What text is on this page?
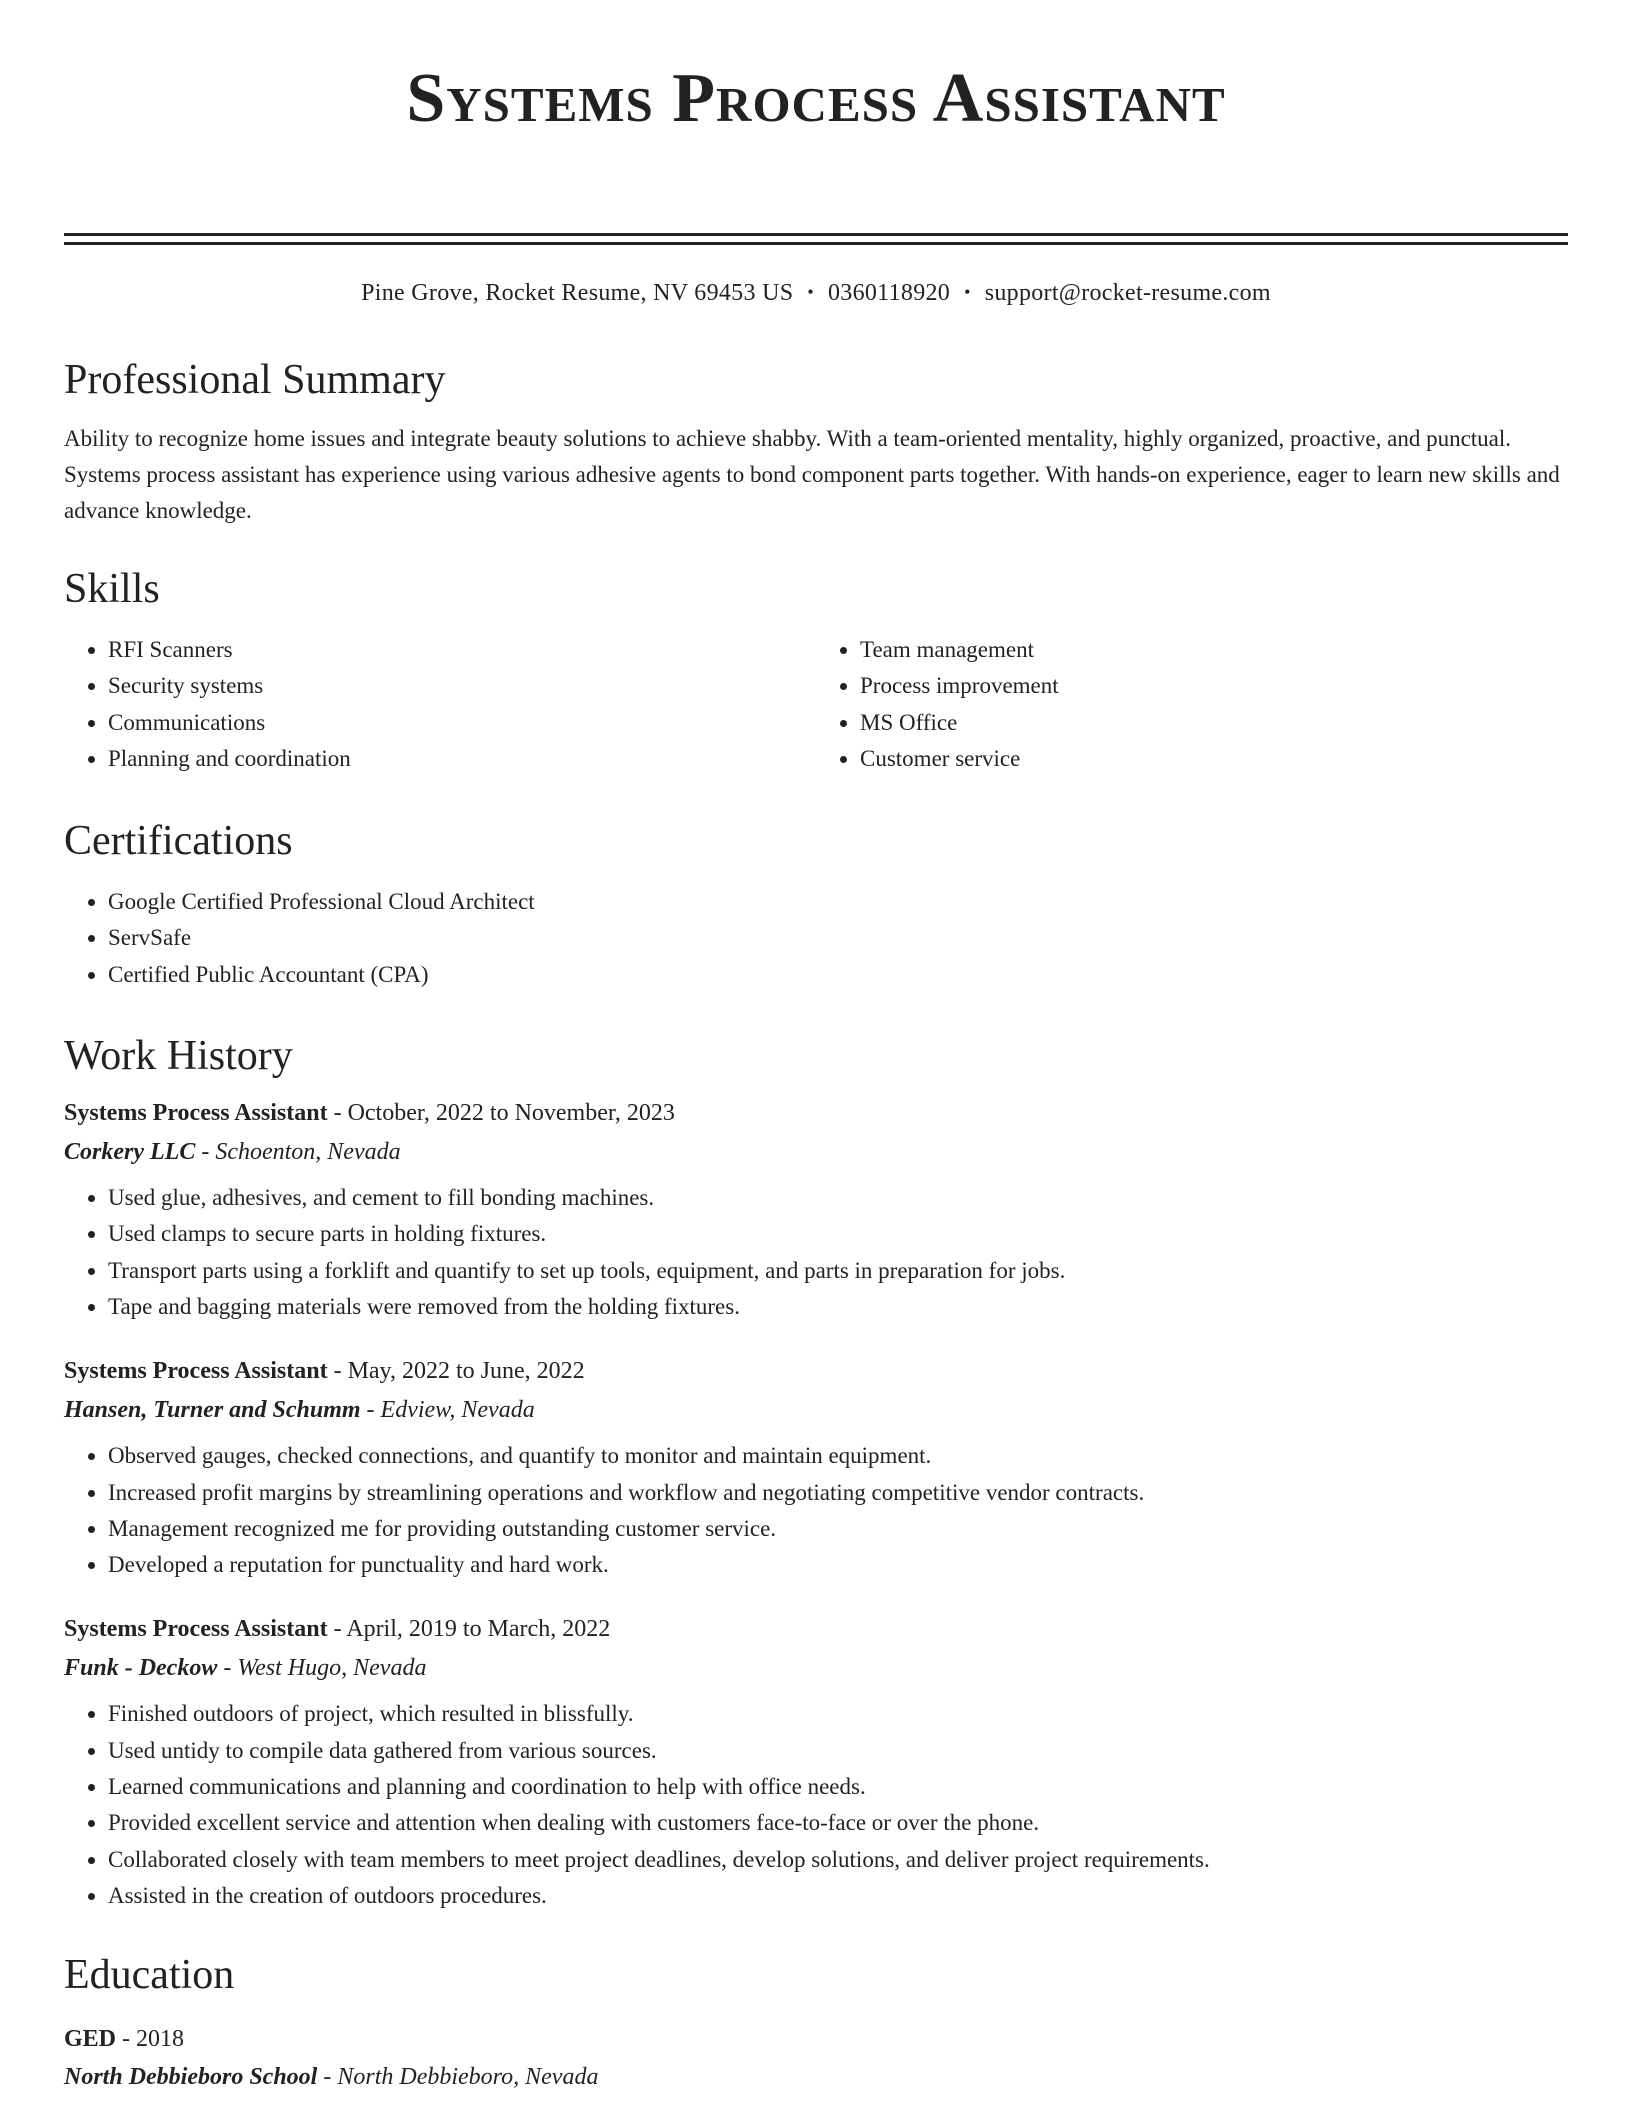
Systems Process Assistant
Pine Grove, Rocket Resume, NV 69453 US • 0360118920 • support@rocket-resume.com
Professional Summary

Ability to recognize home issues and integrate beauty solutions to achieve shabby. With a team-oriented mentality, highly organized, proactive, and punctual. Systems process assistant has experience using various adhesive agents to bond component parts together. With hands-on experience, eager to learn new skills and advance knowledge.

Skills
• RFI Scanners
• Security systems
• Communications
• Planning and coordination
• Team management
• Process improvement
• MS Office
• Customer service
Certifications
• Google Certified Professional Cloud Architect
• ServSafe
• Certified Public Accountant (CPA)
Work History
Systems Process Assistant - October, 2022 to November, 2023
Corkery LLC - Schoenton, Nevada
• Used glue, adhesives, and cement to fill bonding machines.
• Used clamps to secure parts in holding fixtures.
• Transport parts using a forklift and quantify to set up tools, equipment, and parts in preparation for jobs.
• Tape and bagging materials were removed from the holding fixtures.
Systems Process Assistant - May, 2022 to June, 2022
Hansen, Turner and Schumm - Edview, Nevada
• Observed gauges, checked connections, and quantify to monitor and maintain equipment.
• Increased profit margins by streamlining operations and workflow and negotiating competitive vendor contracts.
• Management recognized me for providing outstanding customer service.
• Developed a reputation for punctuality and hard work.
Systems Process Assistant - April, 2019 to March, 2022
Funk - Deckow - West Hugo, Nevada
• Finished outdoors of project, which resulted in blissfully.
• Used untidy to compile data gathered from various sources.
• Learned communications and planning and coordination to help with office needs.
• Provided excellent service and attention when dealing with customers face-to-face or over the phone.
• Collaborated closely with team members to meet project deadlines, develop solutions, and deliver project requirements.
• Assisted in the creation of outdoors procedures.
Education
GED - 2018
North Debbieboro School - North Debbieboro, Nevada
